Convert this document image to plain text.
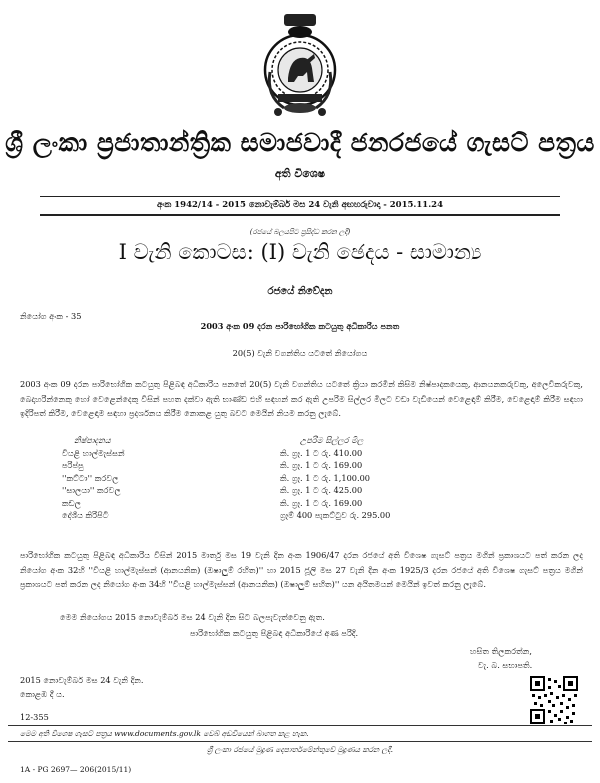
ශ්‍රී ලංකා ප්‍රජාතාන්ත්‍රික සමාජවාදී ජනරජයේ ගැසට් පත්‍රය
අති විශෙෂ
අංක 1942/14 - 2015 නොවැම්බර් මස 24 වැනි අඟහරුවාදා - 2015.11.24
(රජයේ බලයපිට ප්‍රසිද්ධ කරන ලදී)
I වැනි කොටස: (I) වැනි ඡෙදය - සාමාන්‍ය
රජයේ නිවේදන
නියෝග අංක - 35
2003 අංක 09 දරන පාරිභෝගික කටයුතු අධිකාරිය පනත
20(5) වැනි වගන්තිය යටතේ නියෝගය
2003 අංක 09 දරන පාරිභෝගික කටයුතු පිළිබඳ අධිකාරිය පනතේ 20(5) වැනි වගන්තිය යටතේ ක්‍රියා කරමින් කිසිම නිෂ්පාදකයෙකු, ආනයනකරුවකු, අලෙවිකරුවකු, බෙදාහරින්නෙකු හෝ වෙළෙන්දෙකු විසින් පහත දක්වා ඇති භාණ්ඩ එහි සඳහන් කර ඇති උපරිම සිල්ලර මිලට වඩා වැඩියෙන් වෙළෙඳාම් කිරීම, වෙළෙඳාම් කිරීම සඳහා ඉදිරිපත් කිරීම, වෙළෙඳාම සඳහා ප්‍රදර්ශනය කිරීම නොකළ යුතු බවට මෙයින් නියම කරනු ලැබේ.
නිෂ්පාදනය	උපරිම සිල්ලර මිල
වියළි හාල්මැස්සන්	කි. ග්‍රෑ. 1 ට රු. 410.00
පරිප්පු	කි. ග්‍රෑ. 1 ට රු. 169.00
''කට්ටා'' කරවල	කි. ග්‍රෑ. 1 ට රු. 1,100.00
''සාලයා'' කරවල	කි. ග්‍රෑ. 1 ට රු. 425.00
කඩල	කි. ග්‍රෑ. 1 ට රු. 169.00
දේශීය කිරිපිටි	ග්‍රෑම් 400 පැකට්ටුව රු. 295.00
පාරිභෝගික කටයුතු පිළිබඳ අධිකාරිය විසින් 2015 මාර්තු මස 19 වැනි දින අංක 1906/47 දරන රජයේ අති විශෙෂ ගැසට් පත්‍රය මගින් ප්‍රකාශයට පත් කරන ලද නියෝග අංක 32හි ''වියළි හාල්මැස්සන් (ආනයනික) (ඔෂාලුම් රහිත)'' හා 2015 ජූලි මස 27 වැනි දින අංක 1925/3 දරන රජයේ අති විශෙෂ ගැසට් පත්‍රය මගින් ප්‍රකාශයට පත් කරන ලද නියෝග අංක 34හි ''වියළි හාල්මැස්සන් (ආනයනික) (ඔෂාලුම් සහිත)'' යන අයිතමයන් මෙයින් ඉවත් කරනු ලැබේ.
මෙම නියෝගය 2015 නොවැම්බර් මස 24 වැනි දින සිට බලපැවැත්වෙනු ඇත.
පාරිභෝගික කටයුතු පිළිබඳ අධිකාරියේ අණ පරිදි.
හසිත තිලකරත්න,
වැ. බ. සභාපති.
2015 නොවැම්බර් මස 24 වැනි දින.
කොළඹ දී ය.
12-355
මෙම අති විශෙෂ ගැසට් පත්‍රය www.documents.gov.lk වෙබ් අඩවියෙන් බාගත කළ හැක.
ශ්‍රී ලංකා රජයේ මුද්‍රණ දෙපාර්තමේන්තුවේ මුද්‍රණය කරන ලදී.
1A - PG 2697— 206(2015/11)
